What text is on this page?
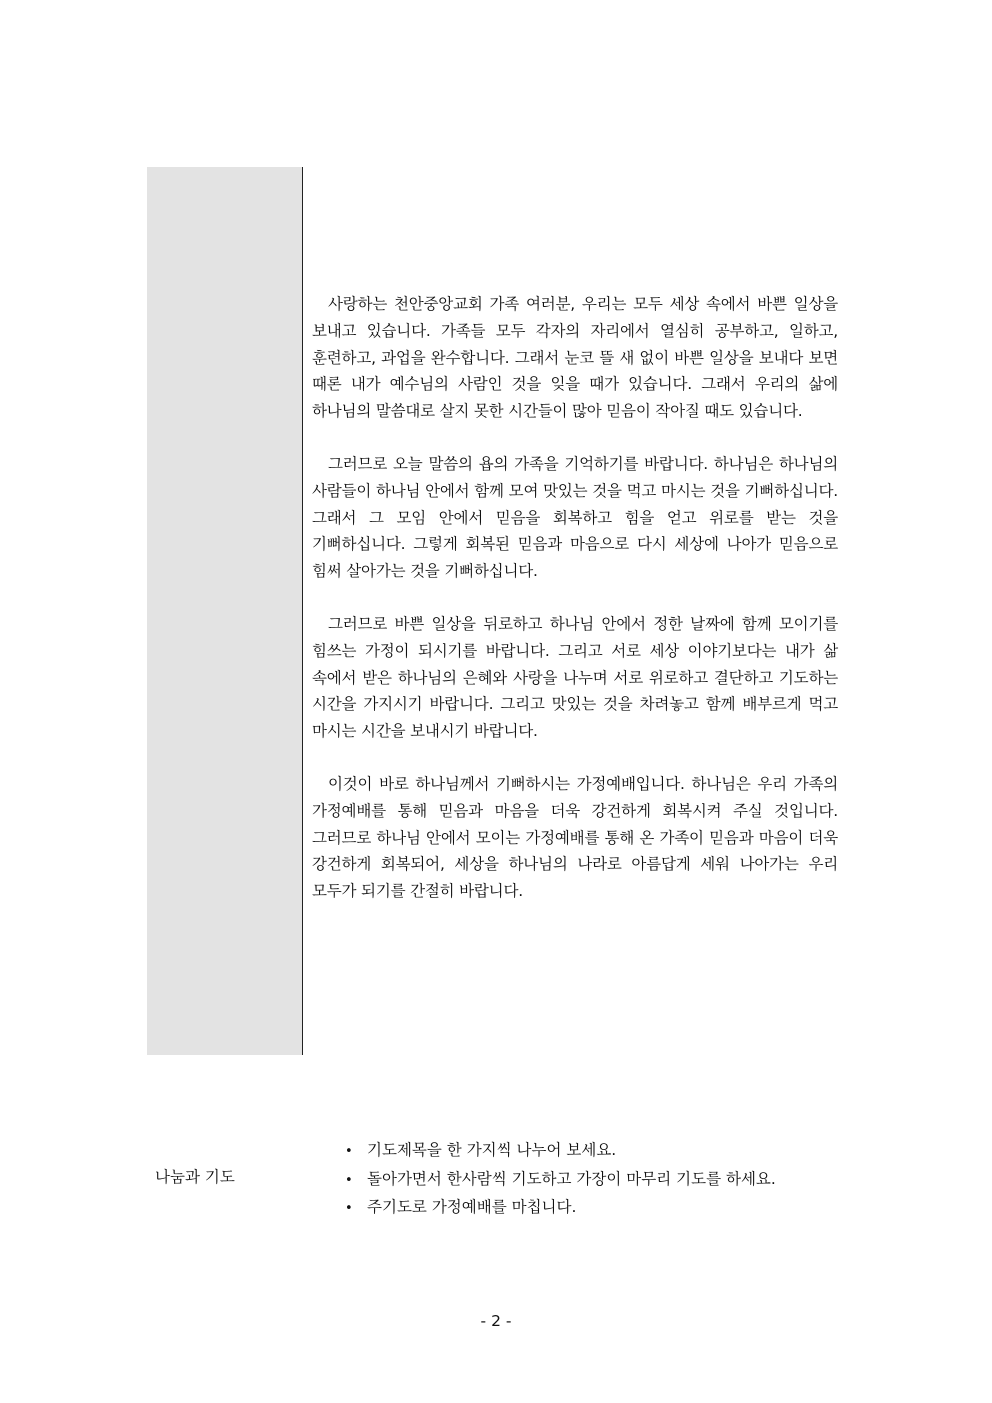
사랑하는 천안중앙교회 가족 여러분, 우리는 모두 세상 속에서 바쁜 일상을 보내고 있습니다. 가족들 모두 각자의 자리에서 열심히 공부하고, 일하고, 훈련하고, 과업을 완수합니다. 그래서 눈코 뜰 새 없이 바쁜 일상을 보내다 보면 때론 내가 예수님의 사람인 것을 잊을 때가 있습니다. 그래서 우리의 삶에 하나님의 말씀대로 살지 못한 시간들이 많아 믿음이 작아질 때도 있습니다.

그러므로 오늘 말씀의 욥의 가족을 기억하기를 바랍니다. 하나님은 하나님의 사람들이 하나님 안에서 함께 모여 맛있는 것을 먹고 마시는 것을 기뻐하십니다. 그래서 그 모임 안에서 믿음을 회복하고 힘을 얻고 위로를 받는 것을 기뻐하십니다. 그렇게 회복된 믿음과 마음으로 다시 세상에 나아가 믿음으로 힘써 살아가는 것을 기뻐하십니다.

그러므로 바쁜 일상을 뒤로하고 하나님 안에서 정한 날짜에 함께 모이기를 힘쓰는 가정이 되시기를 바랍니다. 그리고 서로 세상 이야기보다는 내가 삶 속에서 받은 하나님의 은혜와 사랑을 나누며 서로 위로하고 결단하고 기도하는 시간을 가지시기 바랍니다. 그리고 맛있는 것을 차려놓고 함께 배부르게 먹고 마시는 시간을 보내시기 바랍니다.

이것이 바로 하나님께서 기뻐하시는 가정예배입니다. 하나님은 우리 가족의 가정예배를 통해 믿음과 마음을 더욱 강건하게 회복시켜 주실 것입니다. 그러므로 하나님 안에서 모이는 가정예배를 통해 온 가족이 믿음과 마음이 더욱 강건하게 회복되어, 세상을 하나님의 나라로 아름답게 세워 나아가는 우리 모두가 되기를 간절히 바랍니다.

나눔과 기도
• 기도제목을 한 가지씩 나누어 보세요.
• 돌아가면서 한사람씩 기도하고 가장이 마무리 기도를 하세요.
• 주기도로 가정예배를 마칩니다.
- 2 -
